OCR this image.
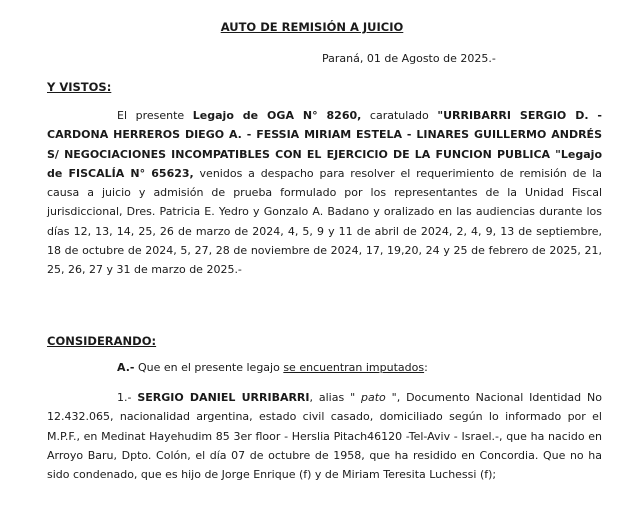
AUTO DE REMISIÓN A JUICIO
Paraná, 01 de Agosto de 2025.-
Y VISTOS:
El presente Legajo de OGA N° 8260, caratulado "URRIBARRI SERGIO D. - CARDONA HERREROS DIEGO A. - FESSIA MIRIAM ESTELA - LINARES GUILLERMO ANDRÉS S/ NEGOCIACIONES INCOMPATIBLES CON EL EJERCICIO DE LA FUNCION PUBLICA "Legajo de FISCALÍA N° 65623, venidos a despacho para resolver el requerimiento de remisión de la causa a juicio y admisión de prueba formulado por los representantes de la Unidad Fiscal jurisdiccional, Dres. Patricia E. Yedro y Gonzalo A. Badano y oralizado en las audiencias durante los días 12, 13, 14, 25, 26 de marzo de 2024, 4, 5, 9 y 11 de abril de 2024, 2, 4, 9, 13 de septiembre, 18 de octubre de 2024, 5, 27, 28 de noviembre de 2024, 17, 19,20, 24 y 25 de febrero de 2025, 21, 25, 26, 27 y 31 de marzo de 2025.-
CONSIDERANDO:
A.- Que en el presente legajo se encuentran imputados:
1.- SERGIO DANIEL URRIBARRI, alias " pato ", Documento Nacional Identidad No 12.432.065, nacionalidad argentina, estado civil casado, domiciliado según lo informado por el M.P.F., en Medinat Hayehudim 85 3er floor - Herslia Pitach46120 -Tel-Aviv - Israel.-, que ha nacido en Arroyo Baru, Dpto. Colón, el día 07 de octubre de 1958, que ha residido en Concordia. Que no ha sido condenado, que es hijo de Jorge Enrique (f) y de Miriam Teresita Luchessi (f);
